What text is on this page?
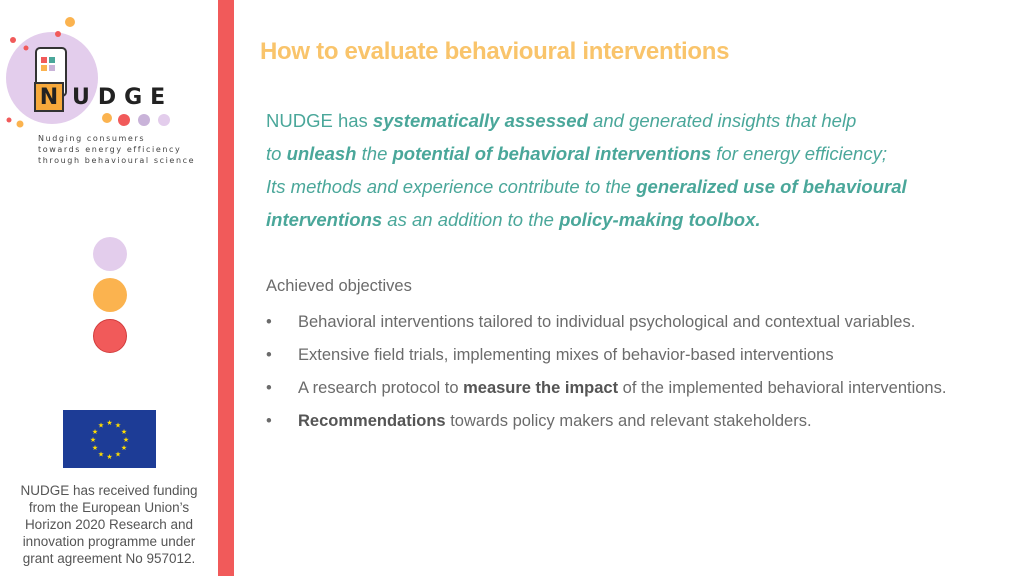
N UDGE
Nudging consumers
towards energy efficiency
through behavioural science
★ ★
★
★
★
★
★
★
★
★
★
★
NUDGE has received funding from the European Union’s Horizon 2020 Research and innovation programme under grant agreement No 957012.
How to evaluate behavioural interventions
NUDGE has systematically assessed and generated insights that help
to unleash the potential of behavioral interventions for energy efficiency;
Its methods and experience contribute to the generalized use of behavioural interventions as an addition to the policy-making toolbox.
Achieved objectives
• Behavioral interventions tailored to individual psychological and contextual variables.
• Extensive field trials, implementing mixes of behavior-based interventions
• A research protocol to measure the impact of the implemented behavioral interventions.
• Recommendations towards policy makers and relevant stakeholders.
